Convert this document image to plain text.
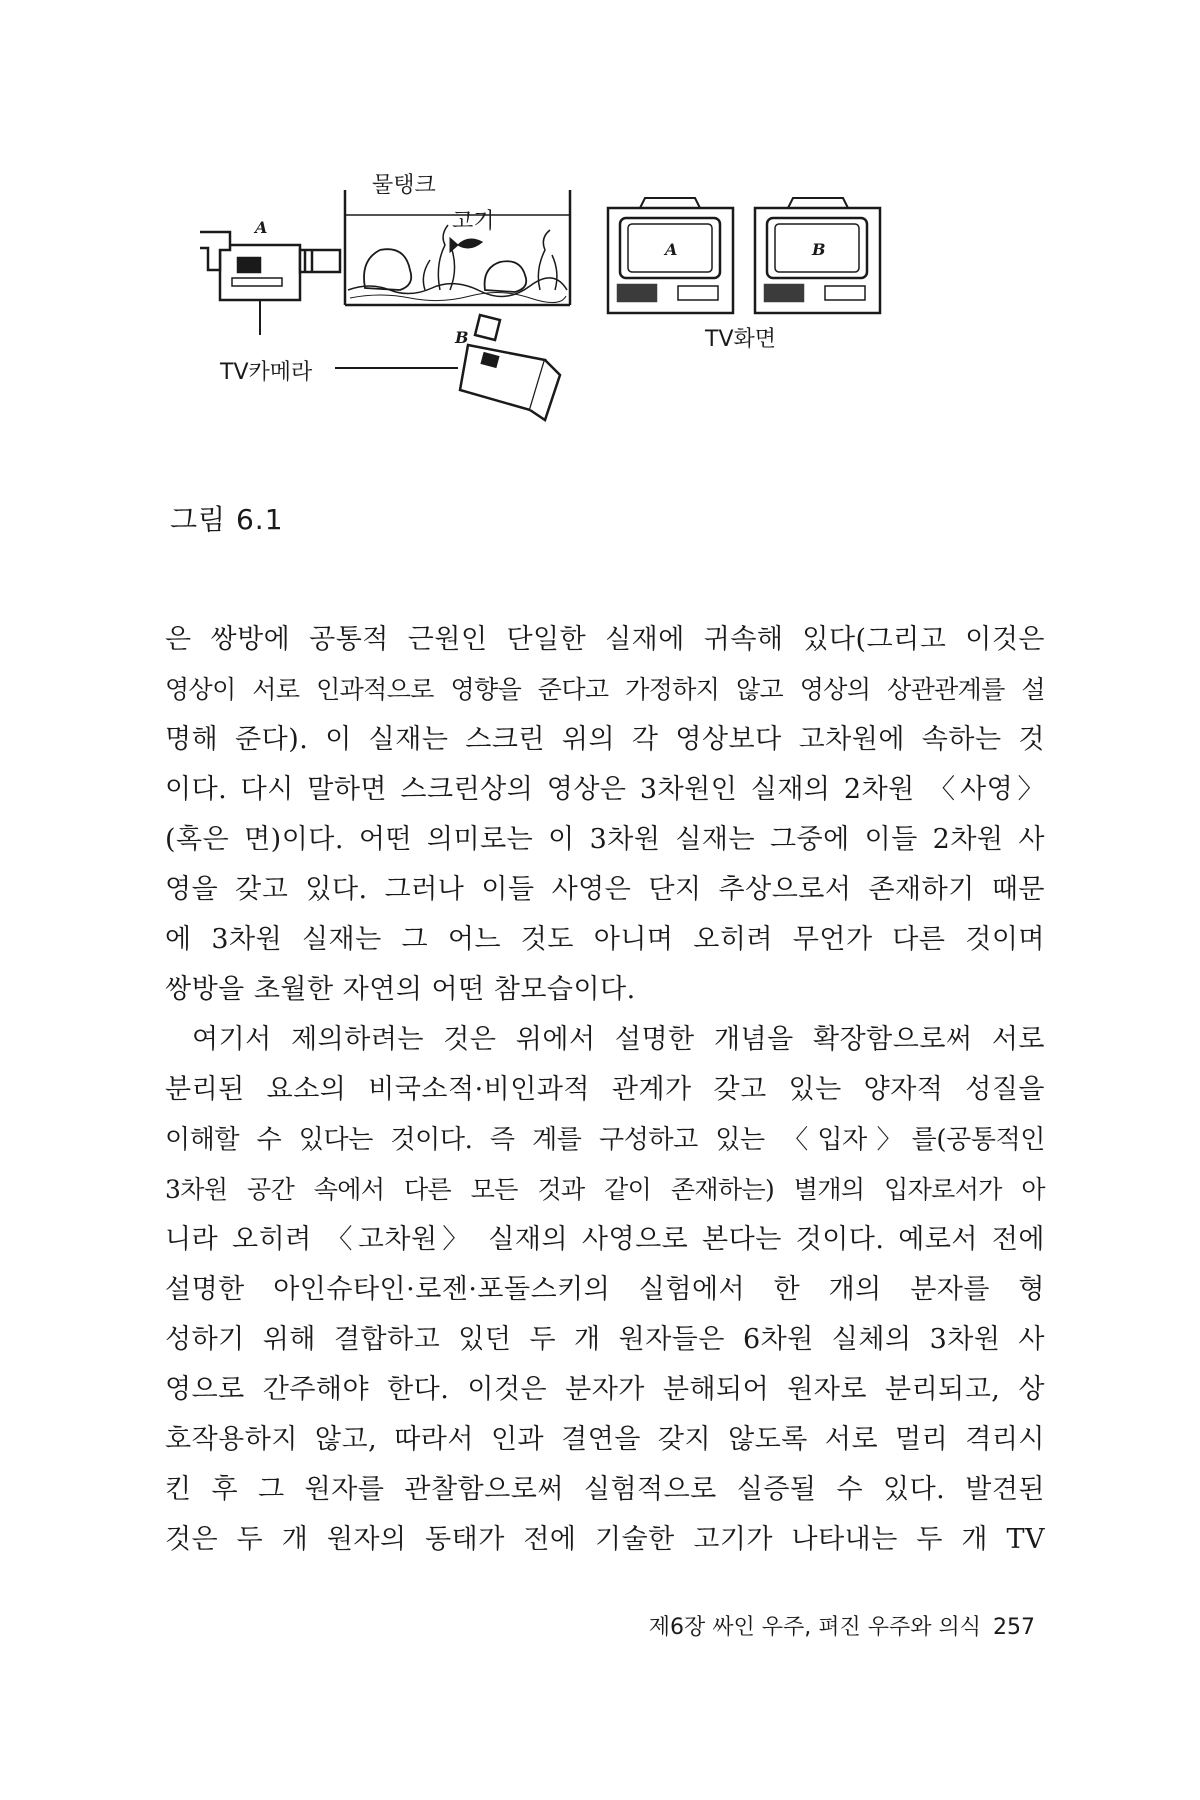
물탱크
고기
A
B
A	B
TV카메라
TV화면
그림 6.1
은 쌍방에 공통적 근원인 단일한 실재에 귀속해 있다(그리고 이것은
영상이 서로 인과적으로 영향을 준다고 가정하지 않고 영상의 상관관계를 설
명해 준다). 이 실재는 스크린 위의 각 영상보다 고차원에 속하는 것
이다. 다시 말하면 스크린상의 영상은 3차원인 실재의 2차원 〈사영〉
(혹은 면)이다. 어떤 의미로는 이 3차원 실재는 그중에 이들 2차원 사
영을 갖고 있다. 그러나 이들 사영은 단지 추상으로서 존재하기 때문
에 3차원 실재는 그 어느 것도 아니며 오히려 무언가 다른 것이며
쌍방을 초월한 자연의 어떤 참모습이다.
여기서 제의하려는 것은 위에서 설명한 개념을 확장함으로써 서로
분리된 요소의 비국소적·비인과적 관계가 갖고 있는 양자적 성질을
이해할 수 있다는 것이다. 즉 계를 구성하고 있는 〈입자〉를(공통적인
3차원 공간 속에서 다른 모든 것과 같이 존재하는) 별개의 입자로서가 아
니라 오히려 〈고차원〉 실재의 사영으로 본다는 것이다. 예로서 전에
설명한 아인슈타인·로젠·포돌스키의 실험에서 한 개의 분자를 형
성하기 위해 결합하고 있던 두 개 원자들은 6차원 실체의 3차원 사
영으로 간주해야 한다. 이것은 분자가 분해되어 원자로 분리되고, 상
호작용하지 않고, 따라서 인과 결연을 갖지 않도록 서로 멀리 격리시
킨 후 그 원자를 관찰함으로써 실험적으로 실증될 수 있다. 발견된
것은 두 개 원자의 동태가 전에 기술한 고기가 나타내는 두 개 TV
제6장 싸인 우주, 펴진 우주와 의식 257
